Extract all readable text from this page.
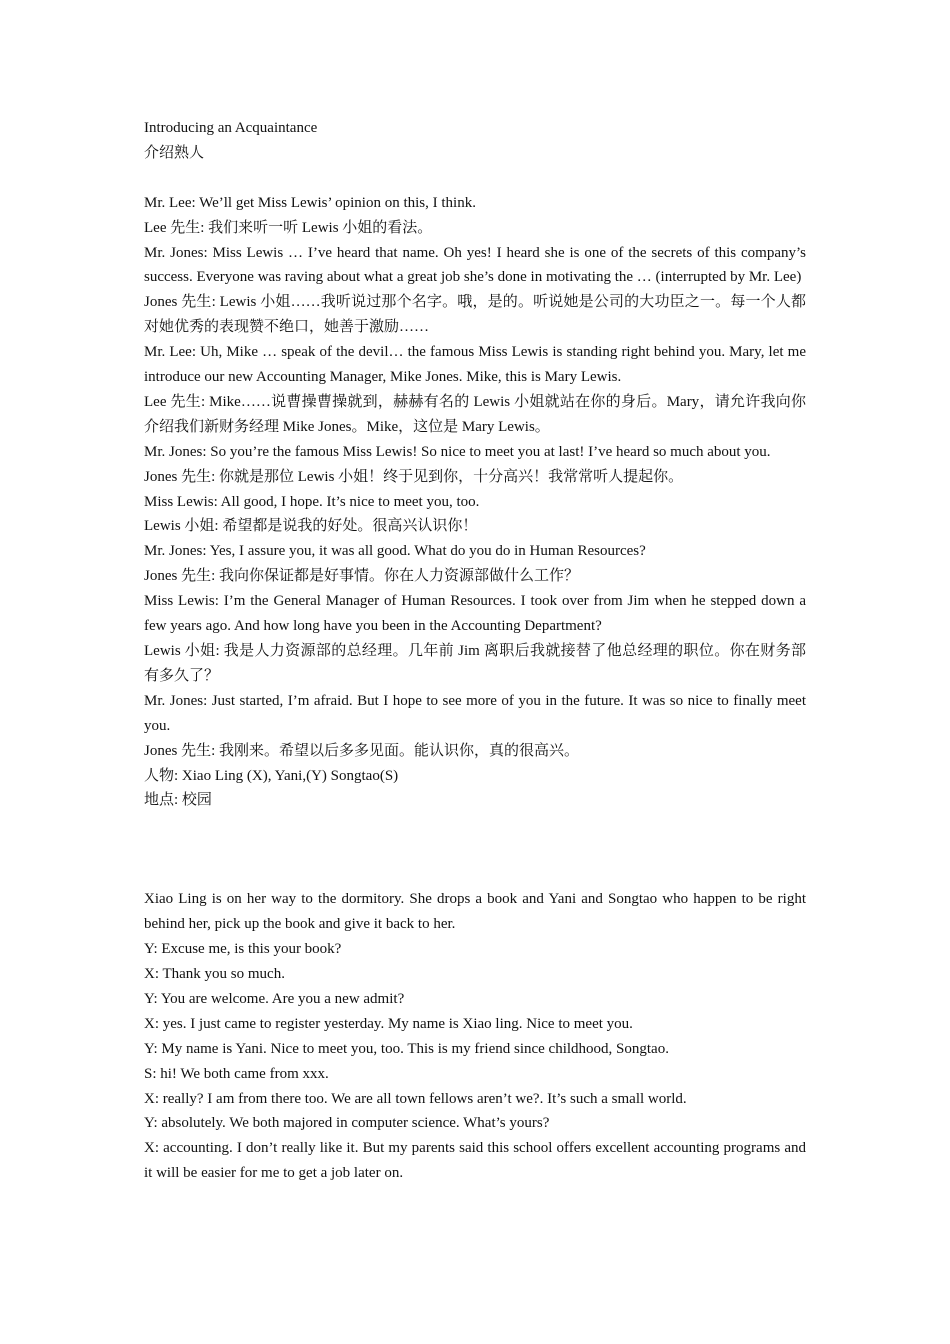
Introducing an Acquaintance

介绍熟人

Mr. Lee: We’ll get Miss Lewis’ opinion on this, I think.

Lee 先生: 我们来听一听 Lewis 小姐的看法。

Mr. Jones: Miss Lewis … I’ve heard that name. Oh yes! I heard she is one of the secrets of this company’s success. Everyone was raving about what a great job she’s done in motivating the … (interrupted by Mr. Lee)

Jones 先生: Lewis 小姐……我听说过那个名字。哦，是的。听说她是公司的大功臣之一。每一个人都对她优秀的表现赞不绝口，她善于激励……

Mr. Lee: Uh, Mike … speak of the devil… the famous Miss Lewis is standing right behind you. Mary, let me introduce our new Accounting Manager, Mike Jones. Mike, this is Mary Lewis.

Lee 先生: Mike……说曹操曹操就到，赫赫有名的 Lewis 小姐就站在你的身后。Mary，请允许我向你介绍我们新财务经理 Mike Jones。Mike，这位是 Mary Lewis。

Mr. Jones: So you’re the famous Miss Lewis! So nice to meet you at last! I’ve heard so much about you.

Jones 先生: 你就是那位 Lewis 小姐！终于见到你，十分高兴！我常常听人提起你。

Miss Lewis: All good, I hope. It’s nice to meet you, too.

Lewis 小姐: 希望都是说我的好处。很高兴认识你！

Mr. Jones: Yes, I assure you, it was all good. What do you do in Human Resources?

Jones 先生: 我向你保证都是好事情。你在人力资源部做什么工作？

Miss Lewis: I’m the General Manager of Human Resources. I took over from Jim when he stepped down a few years ago. And how long have you been in the Accounting Department?

Lewis 小姐: 我是人力资源部的总经理。几年前 Jim 离职后我就接替了他总经理的职位。你在财务部有多久了？

Mr. Jones: Just started, I’m afraid. But I hope to see more of you in the future. It was so nice to finally meet you.

Jones 先生: 我刚来。希望以后多多见面。能认识你，真的很高兴。

人物: Xiao Ling (X), Yani,(Y) Songtao(S)

地点: 校园

Xiao Ling is on her way to the dormitory. She drops a book and Yani and Songtao who happen to be right behind her, pick up the book and give it back to her.

Y: Excuse me, is this your book?

X: Thank you so much.

Y: You are welcome. Are you a new admit?

X: yes. I just came to register yesterday. My name is Xiao ling. Nice to meet you.

Y: My name is Yani. Nice to meet you, too. This is my friend since childhood, Songtao.

S: hi! We both came from xxx.

X: really? I am from there too. We are all town fellows aren’t we?. It’s such a small world.

Y: absolutely. We both majored in computer science. What’s yours?

X: accounting. I don’t really like it. But my parents said this school offers excellent accounting programs and it will be easier for me to get a job later on.
